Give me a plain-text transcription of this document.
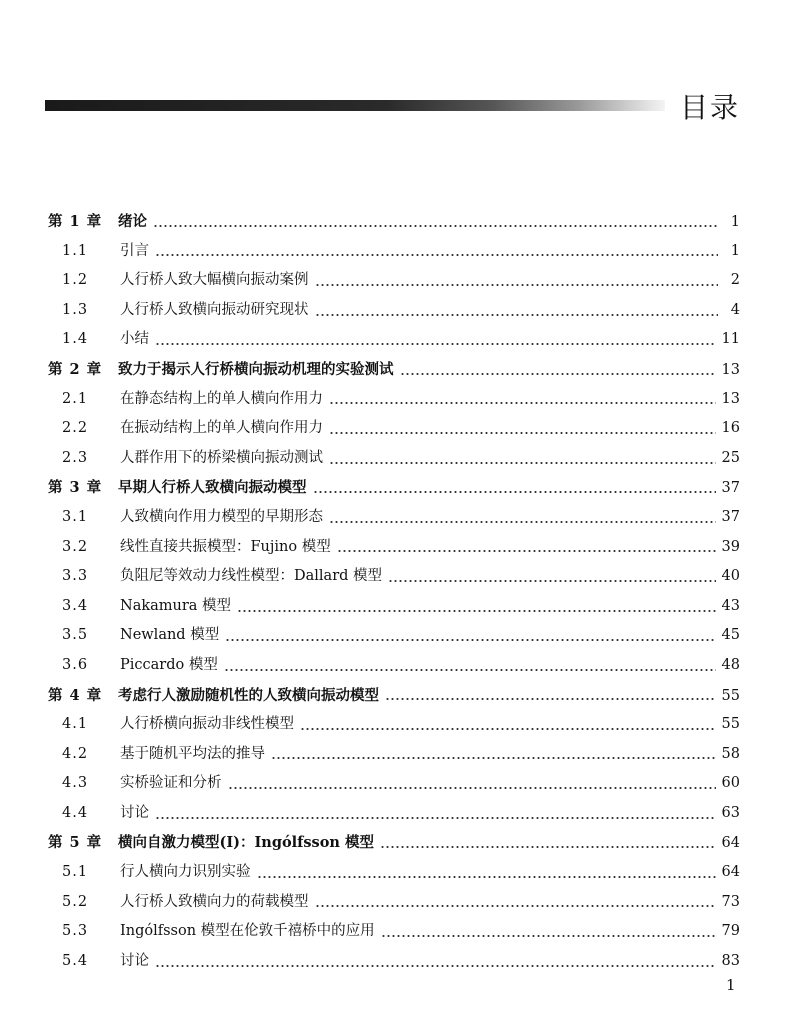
目录
第 1 章 绪论	1
1.1	引言	1
1.2	人行桥人致大幅横向振动案例	2
1.3	人行桥人致横向振动研究现状	4
1.4	小结	11
第 2 章 致力于揭示人行桥横向振动机理的实验测试	13
2.1	在静态结构上的单人横向作用力	13
2.2	在振动结构上的单人横向作用力	16
2.3	人群作用下的桥梁横向振动测试	25
第 3 章 早期人行桥人致横向振动模型	37
3.1	人致横向作用力模型的早期形态	37
3.2	线性直接共振模型：Fujino 模型	39
3.3	负阻尼等效动力线性模型：Dallard 模型	40
3.4	Nakamura 模型	43
3.5	Newland 模型	45
3.6	Piccardo 模型	48
第 4 章 考虑行人激励随机性的人致横向振动模型	55
4.1	人行桥横向振动非线性模型	55
4.2	基于随机平均法的推导	58
4.3	实桥验证和分析	60
4.4	讨论	63
第 5 章 横向自激力模型(Ⅰ)：Ingólfsson 模型	64
5.1	行人横向力识别实验	64
5.2	人行桥人致横向力的荷载模型	73
5.3	Ingólfsson 模型在伦敦千禧桥中的应用	79
5.4	讨论	83
1
